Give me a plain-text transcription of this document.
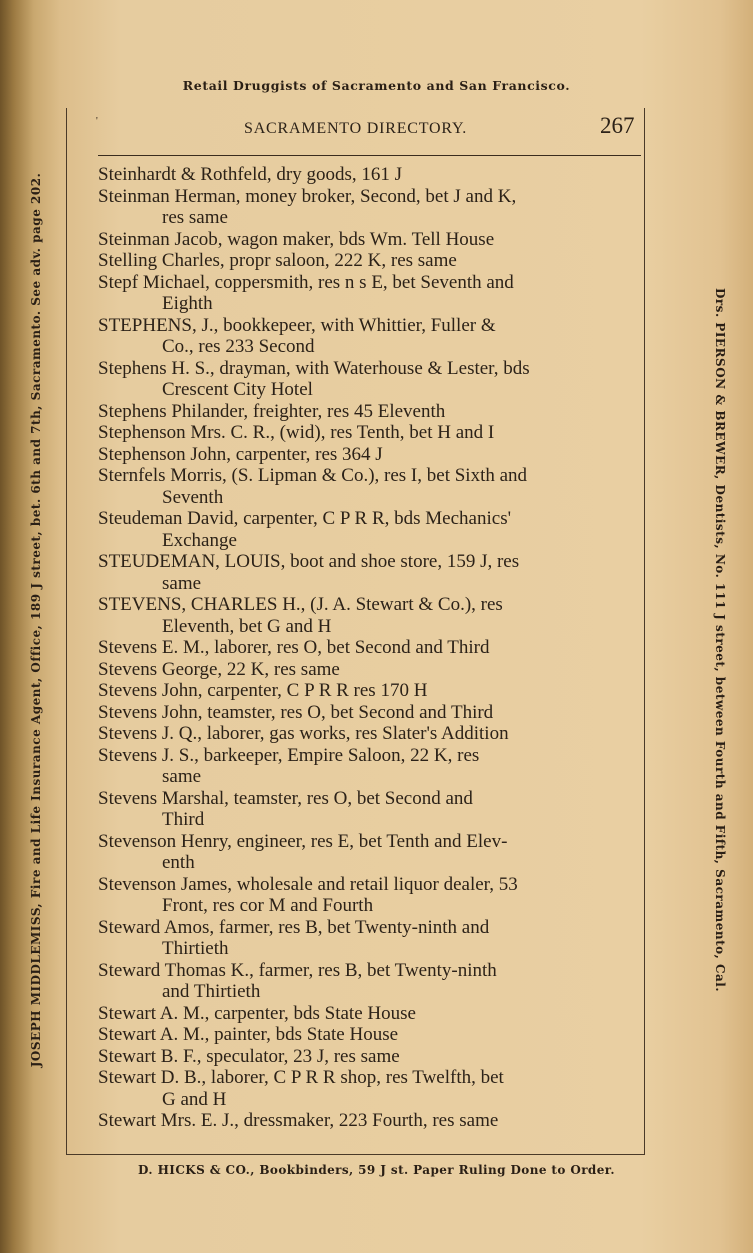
Retail Druggists of Sacramento and San Francisco.
JOSEPH MIDDLEMISS, Fire and Life Insurance Agent, Office, 189 J street, bet. 6th and 7th, Sacramento. See adv. page 202.	Drs. PIERSON & BREWER, Dentists, No. 111 J street, between Fourth and Fifth, Sacramento, Cal.
'	SACRAMENTO DIRECTORY.	267
Steinhardt & Rothfeld, dry goods, 161 J
Steinman Herman, money broker, Second, bet J and K,
res same
Steinman Jacob, wagon maker, bds Wm. Tell House
Stelling Charles, propr saloon, 222 K, res same
Stepf Michael, coppersmith, res n s E, bet Seventh and
Eighth
STEPHENS, J., bookkepeer, with Whittier, Fuller &
Co., res 233 Second
Stephens H. S., drayman, with Waterhouse & Lester, bds
Crescent City Hotel
Stephens Philander, freighter, res 45 Eleventh
Stephenson Mrs. C. R., (wid), res Tenth, bet H and I
Stephenson John, carpenter, res 364 J
Sternfels Morris, (S. Lipman & Co.), res I, bet Sixth and
Seventh
Steudeman David, carpenter, C P R R, bds Mechanics'
Exchange
STEUDEMAN, LOUIS, boot and shoe store, 159 J, res
same
STEVENS, CHARLES H., (J. A. Stewart & Co.), res
Eleventh, bet G and H
Stevens E. M., laborer, res O, bet Second and Third
Stevens George, 22 K, res same
Stevens John, carpenter, C P R R res 170 H
Stevens John, teamster, res O, bet Second and Third
Stevens J. Q., laborer, gas works, res Slater's Addition
Stevens J. S., barkeeper, Empire Saloon, 22 K, res
same
Stevens Marshal, teamster, res O, bet Second and
Third
Stevenson Henry, engineer, res E, bet Tenth and Elev-
enth
Stevenson James, wholesale and retail liquor dealer, 53
Front, res cor M and Fourth
Steward Amos, farmer, res B, bet Twenty-ninth and
Thirtieth
Steward Thomas K., farmer, res B, bet Twenty-ninth
and Thirtieth
Stewart A. M., carpenter, bds State House
Stewart A. M., painter, bds State House
Stewart B. F., speculator, 23 J, res same
Stewart D. B., laborer, C P R R shop, res Twelfth, bet
G and H
Stewart Mrs. E. J., dressmaker, 223 Fourth, res same
D. HICKS & CO., Bookbinders, 59 J st. Paper Ruling Done to Order.
